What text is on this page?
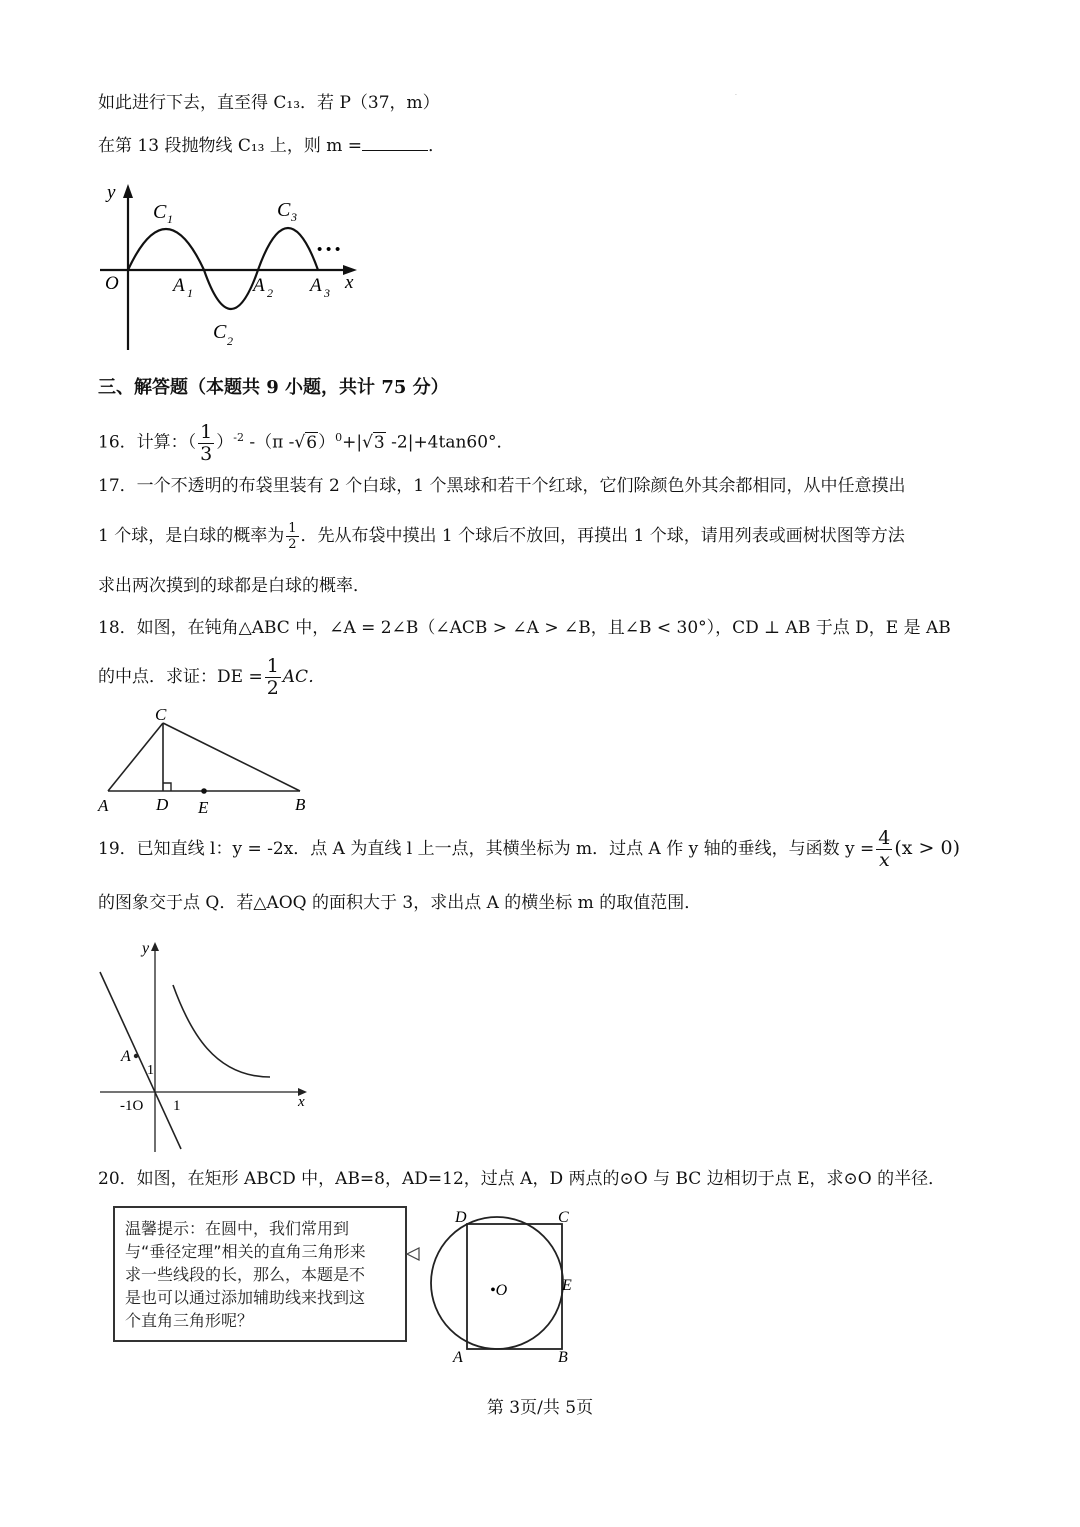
.
如此进行下去，直至得 C₁₃．若 P（37，m）
在第 13 段抛物线 C₁₃ 上，则 m =	．
y
x
O
C 1	C 3
C 2
A 1	A 2 A 3
• • •
三、解答题（本题共 9 小题，共计 75 分）
16．计算：（ $\frac{1}{3} )^{-2}$ -（π -√6）$^0$+|√3 -2|+4tan60°．
17．一个不透明的布袋里装有 2 个白球，1 个黑球和若干个红球，它们除颜色外其余都相同，从中任意摸出
1 个球，是白球的概率为 $\frac{1}{2}$ ．先从布袋中摸出 1 个球后不放回，再摸出 1 个球，请用列表或画树状图等方法
求出两次摸到的球都是白球的概率．
18．如图，在钝角△ABC 中，∠A = 2∠B（∠ACB > ∠A > ∠B，且∠B < 30°），CD ⊥ AB 于点 D，E 是 AB
的中点．求证：DE = $\frac{1}{2}$ AC．
C
A	D E	B
19．已知直线 l：y = -2x．点 A 为直线 l 上一点，其横坐标为 m．过点 A 作 y 轴的垂线，与函数 $y = \frac{4}{x} (x > 0)$
的图象交于点 Q．若△AOQ 的面积大于 3，求出点 A 的横坐标 m 的取值范围．
y
x
A
1
-1O 1
20．如图，在矩形 ABCD 中，AB=8，AD=12，过点 A，D 两点的⊙O 与 BC 边相切于点 E，求⊙O 的半径．
温馨提示：在圆中，我们常用到
与“垂径定理”相关的直角三角形来
求一些线段的长，那么，本题是不
是也可以通过添加辅助线来找到这
个直角三角形呢？
D	C
E
A	B
•O
第 3页/共 5页
